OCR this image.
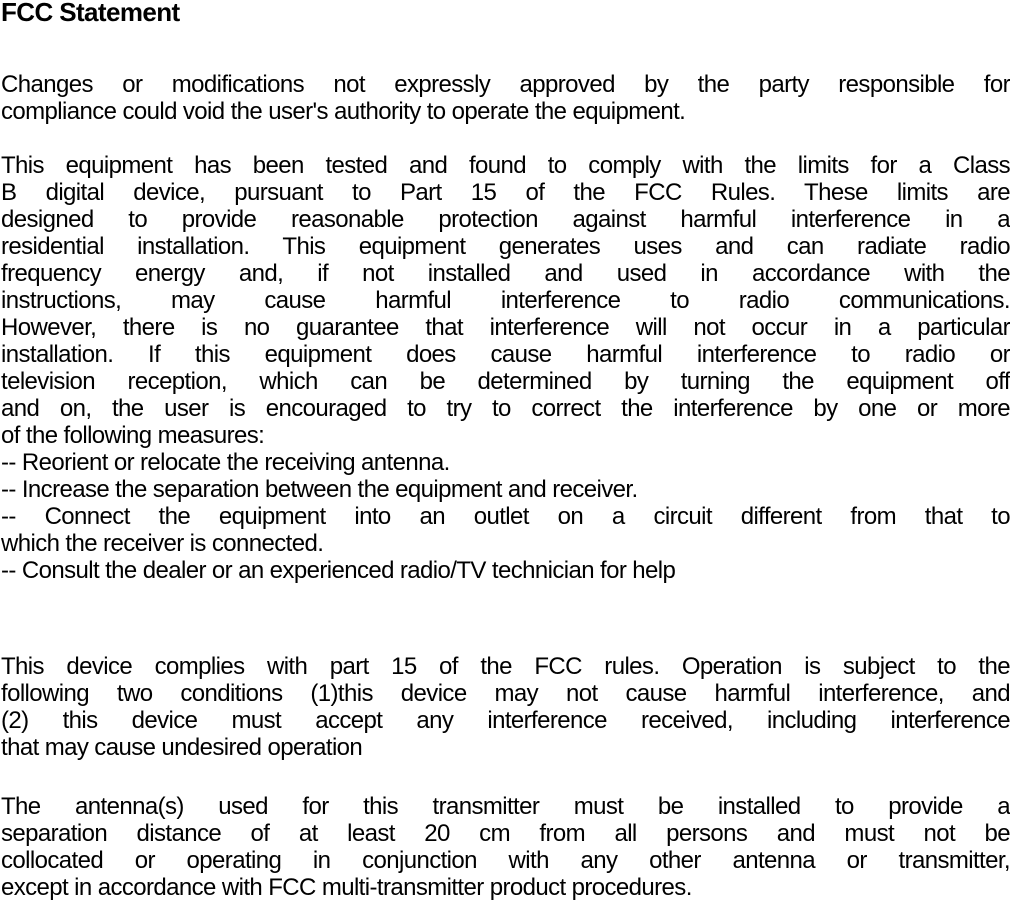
FCC Statement
Changes or modifications not expressly approved by the party responsible for
compliance could void the user's authority to operate the equipment.
This equipment has been tested and found to comply with the limits for a Class
B digital device, pursuant to Part 15 of the FCC Rules. These limits are
designed to provide reasonable protection against harmful interference in a
residential installation. This equipment generates uses and can radiate radio
frequency energy and, if not installed and used in accordance with the
instructions, may cause harmful interference to radio communications.
However, there is no guarantee that interference will not occur in a particular
installation. If this equipment does cause harmful interference to radio or
television reception, which can be determined by turning the equipment off
and on, the user is encouraged to try to correct the interference by one or more
of the following measures:
-- Reorient or relocate the receiving antenna.
-- Increase the separation between the equipment and receiver.
-- Connect the equipment into an outlet on a circuit different from that to
which the receiver is connected.
-- Consult the dealer or an experienced radio/TV technician for help
This device complies with part 15 of the FCC rules. Operation is subject to the
following two conditions (1)this device may not cause harmful interference, and
(2) this device must accept any interference received, including interference
that may cause undesired operation
The antenna(s) used for this transmitter must be installed to provide a
separation distance of at least 20 cm from all persons and must not be
collocated or operating in conjunction with any other antenna or transmitter,
except in accordance with FCC multi-transmitter product procedures.
